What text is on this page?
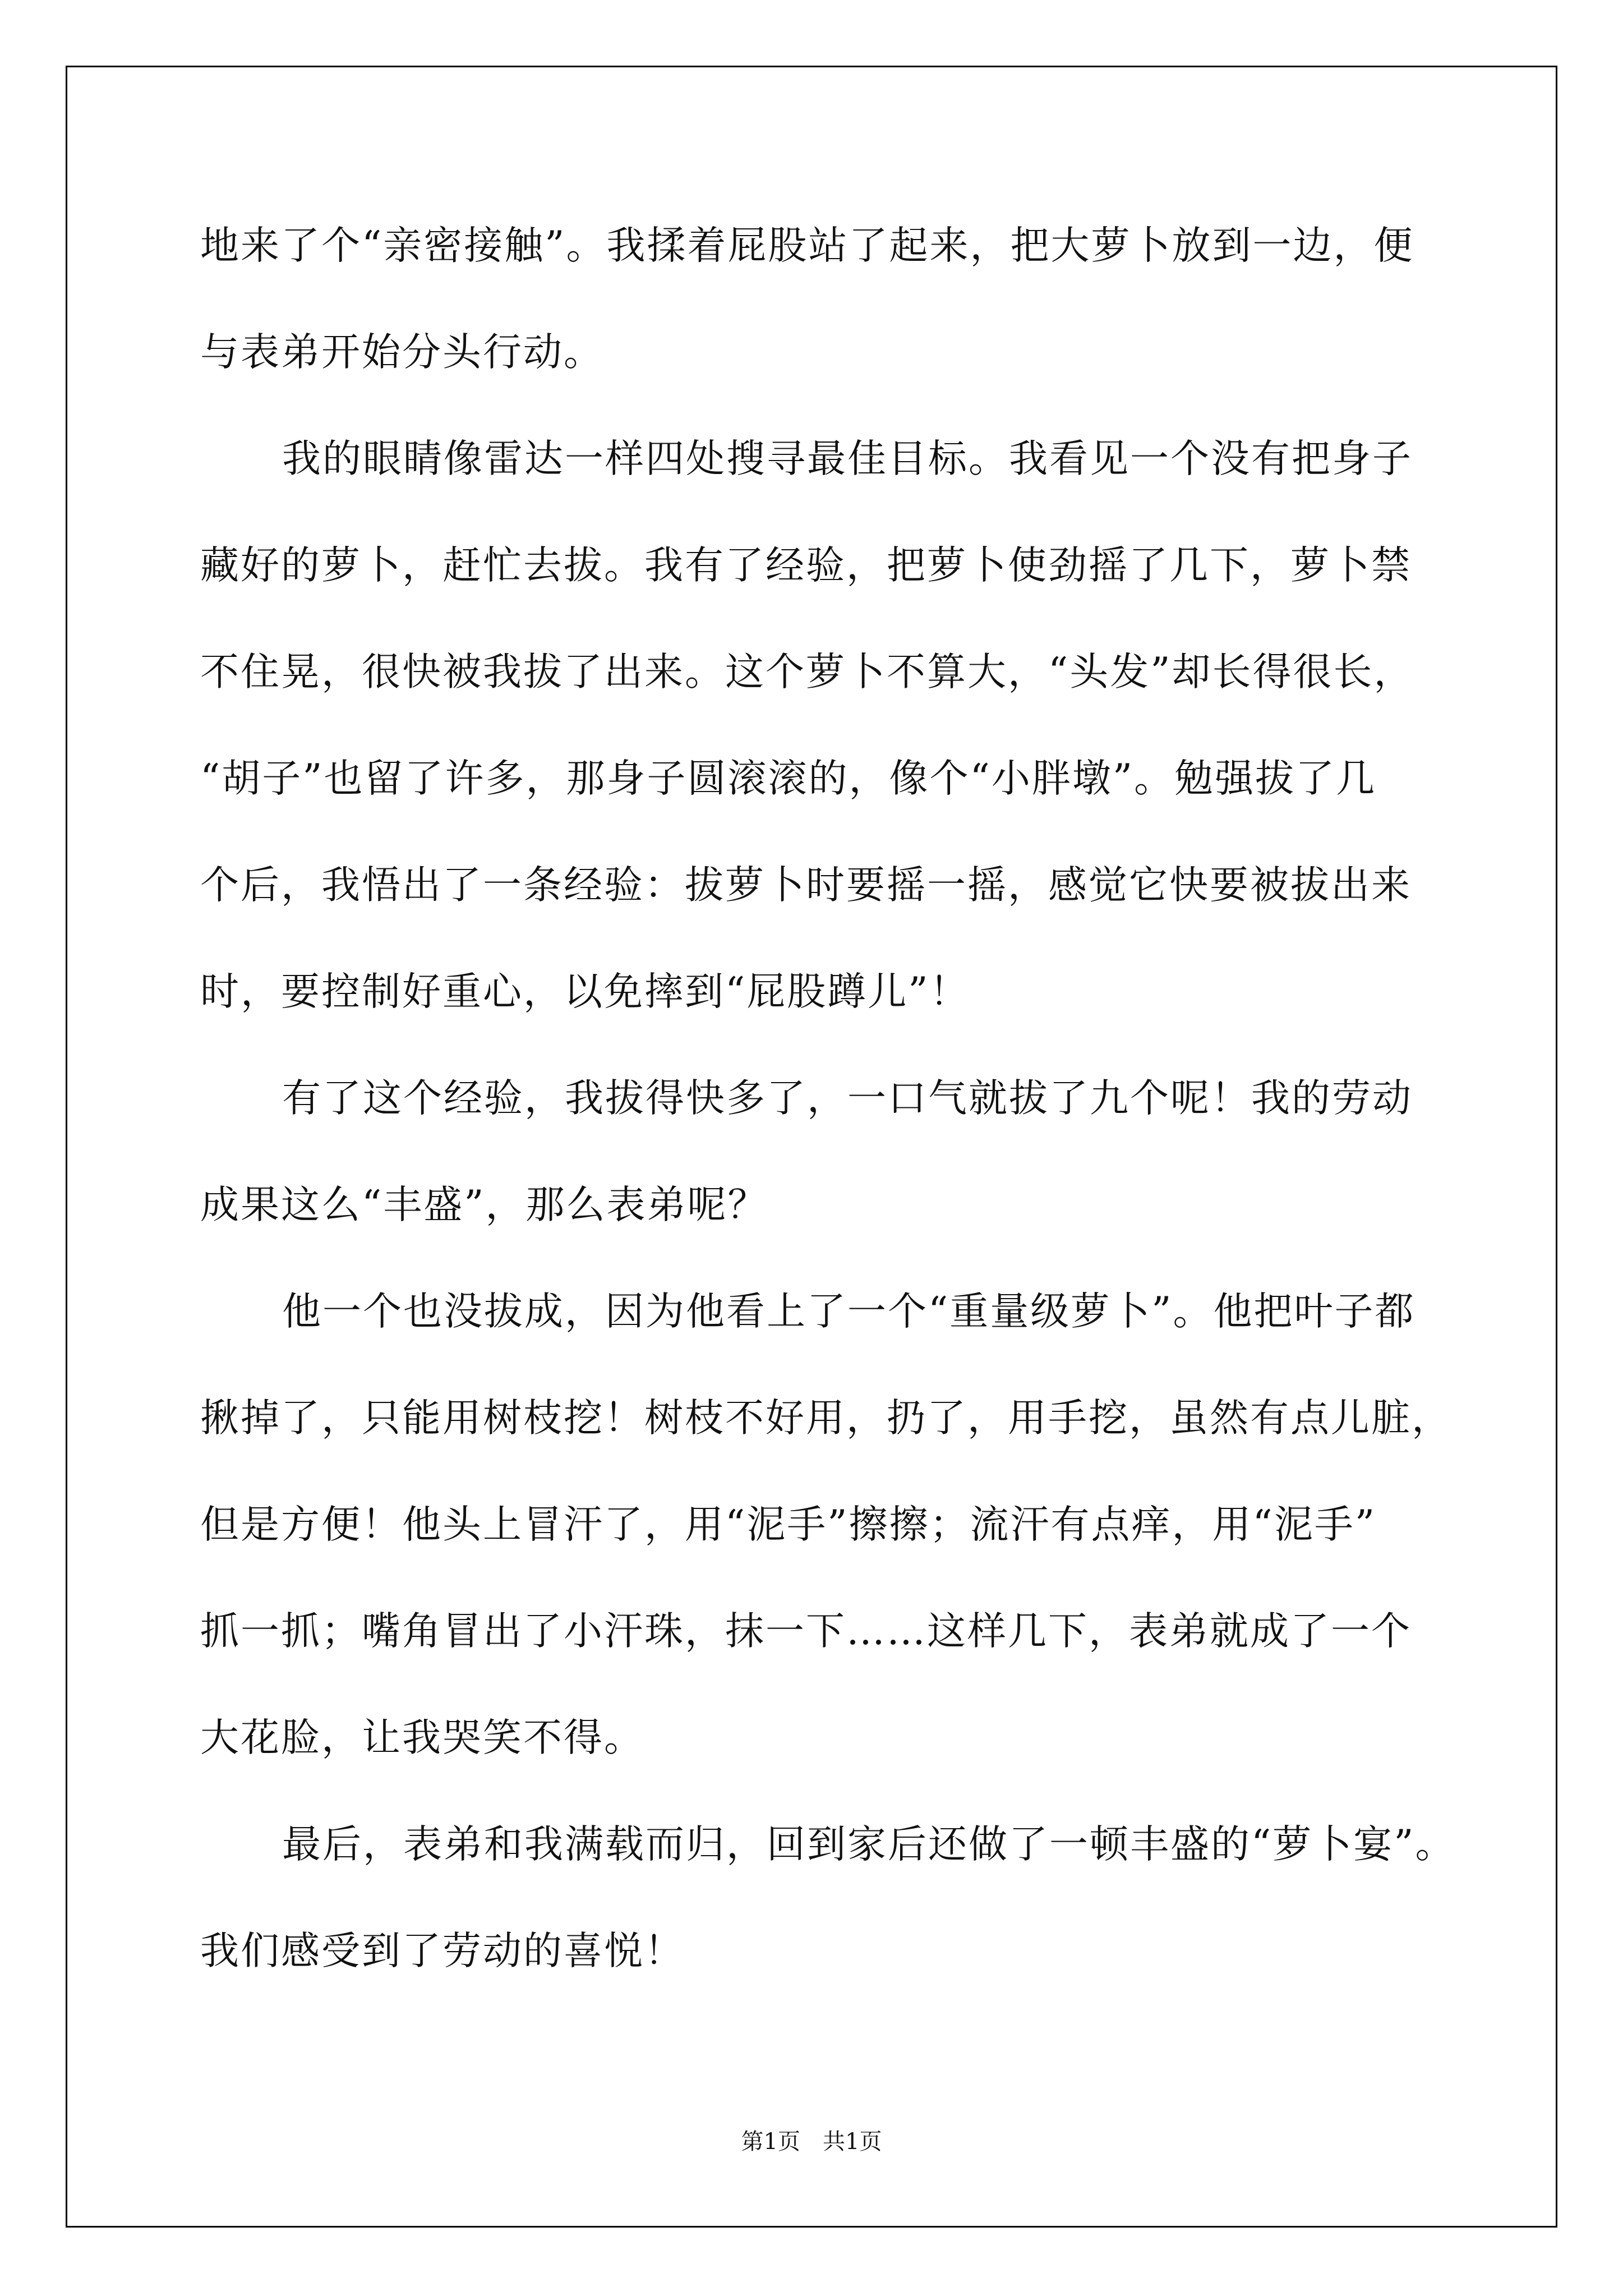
地来了个“亲密接触”。我揉着屁股站了起来，把大萝卜放到一边，便
与表弟开始分头行动。
我的眼睛像雷达一样四处搜寻最佳目标。我看见一个没有把身子
藏好的萝卜，赶忙去拔。我有了经验，把萝卜使劲摇了几下，萝卜禁
不住晃，很快被我拔了出来。这个萝卜不算大，“头发”却长得很长，
“胡子”也留了许多，那身子圆滚滚的，像个“小胖墩”。勉强拔了几
个后，我悟出了一条经验：拔萝卜时要摇一摇，感觉它快要被拔出来
时，要控制好重心，以免摔到“屁股蹲儿”！
有了这个经验，我拔得快多了，一口气就拔了九个呢！我的劳动
成果这么“丰盛”，那么表弟呢？
他一个也没拔成，因为他看上了一个“重量级萝卜”。他把叶子都
揪掉了，只能用树枝挖！树枝不好用，扔了，用手挖，虽然有点儿脏，
但是方便！他头上冒汗了，用“泥手”擦擦；流汗有点痒，用“泥手”
抓一抓；嘴角冒出了小汗珠，抹一下……这样几下，表弟就成了一个
大花脸，让我哭笑不得。
最后，表弟和我满载而归，回到家后还做了一顿丰盛的“萝卜宴”。
我们感受到了劳动的喜悦！
第1页　共1页
